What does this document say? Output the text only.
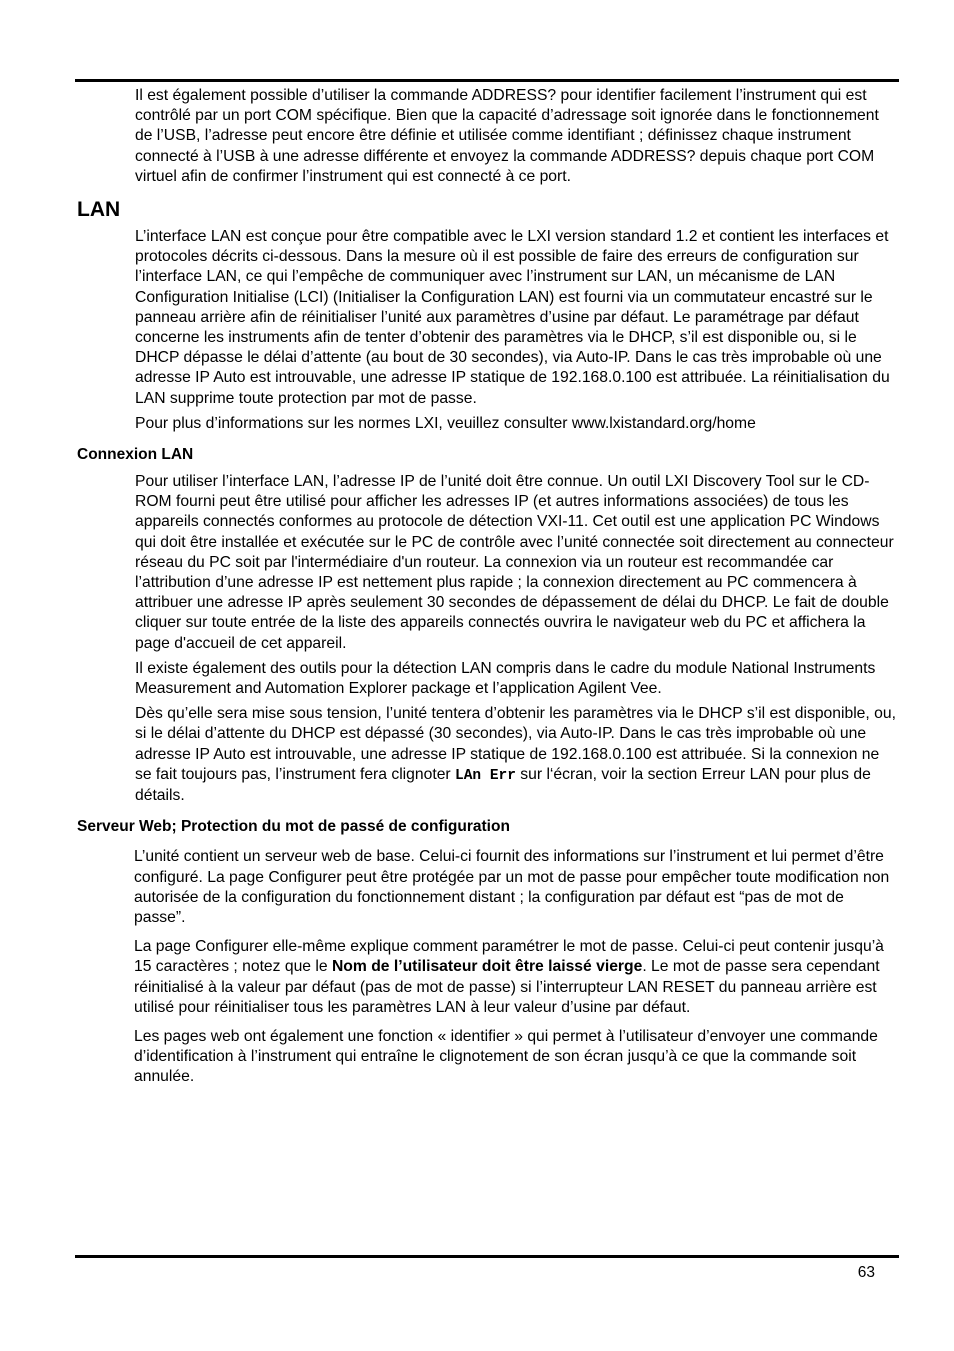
Il est également possible d’utiliser la commande ADDRESS? pour identifier facilement l’instrument qui est contrôlé par un port COM spécifique. Bien que la capacité d’adressage soit ignorée dans le fonctionnement de l’USB, l’adresse peut encore être définie et utilisée comme identifiant ; définissez chaque instrument connecté à l’USB à une adresse différente et envoyez la commande ADDRESS? depuis chaque port COM virtuel afin de confirmer l’instrument qui est connecté à ce port.

LAN

L’interface LAN est conçue pour être compatible avec le LXI version standard 1.2 et contient les interfaces et protocoles décrits ci-dessous. Dans la mesure où il est possible de faire des erreurs de configuration sur l’interface LAN, ce qui l’empêche de communiquer avec l’instrument sur LAN, un mécanisme de LAN Configuration Initialise (LCI) (Initialiser la Configuration LAN) est fourni via un commutateur encastré sur le panneau arrière afin de réinitialiser l’unité aux paramètres d’usine par défaut. Le paramétrage par défaut concerne les instruments afin de tenter d’obtenir des paramètres via le DHCP, s’il est disponible ou, si le DHCP dépasse le délai d’attente (au bout de 30 secondes), via Auto-IP. Dans le cas très improbable où une adresse IP Auto est introuvable, une adresse IP statique de 192.168.0.100 est attribuée. La réinitialisation du LAN supprime toute protection par mot de passe.

Pour plus d’informations sur les normes LXI, veuillez consulter www.lxistandard.org/home

Connexion LAN

Pour utiliser l’interface LAN, l’adresse IP de l’unité doit être connue. Un outil LXI Discovery Tool sur le CD-ROM fourni peut être utilisé pour afficher les adresses IP (et autres informations associées) de tous les appareils connectés conformes au protocole de détection VXI-11. Cet outil est une application PC Windows qui doit être installée et exécutée sur le PC de contrôle avec l’unité connectée soit directement au connecteur réseau du PC soit par l'intermédiaire d'un routeur. La connexion via un routeur est recommandée car l’attribution d’une adresse IP est nettement plus rapide ; la connexion directement au PC commencera à attribuer une adresse IP après seulement 30 secondes de dépassement de délai du DHCP. Le fait de double cliquer sur toute entrée de la liste des appareils connectés ouvrira le navigateur web du PC et affichera la page d'accueil de cet appareil.

Il existe également des outils pour la détection LAN compris dans le cadre du module National Instruments Measurement and Automation Explorer package et l’application Agilent Vee.

Dès qu’elle sera mise sous tension, l’unité tentera d’obtenir les paramètres via le DHCP s’il est disponible, ou, si le délai d’attente du DHCP est dépassé (30 secondes), via Auto-IP. Dans le cas très improbable où une adresse IP Auto est introuvable, une adresse IP statique de 192.168.0.100 est attribuée. Si la connexion ne se fait toujours pas, l’instrument fera clignoter LAn Err sur l‘écran, voir la section Erreur LAN pour plus de détails.

Serveur Web; Protection du mot de passé de configuration

L’unité contient un serveur web de base. Celui-ci fournit des informations sur l’instrument et lui permet d’être configuré. La page Configurer peut être protégée par un mot de passe pour empêcher toute modification non autorisée de la configuration du fonctionnement distant ; la configuration par défaut est “pas de mot de passe”.

La page Configurer elle-même explique comment paramétrer le mot de passe. Celui-ci peut contenir jusqu’à 15 caractères ; notez que le Nom de l’utilisateur doit être laissé vierge. Le mot de passe sera cependant réinitialisé à la valeur par défaut (pas de mot de passe) si l’interrupteur LAN RESET du panneau arrière est utilisé pour réinitialiser tous les paramètres LAN à leur valeur d’usine par défaut.

Les pages web ont également une fonction « identifier » qui permet à l’utilisateur d’envoyer une commande d’identification à l’instrument qui entraîne le clignotement de son écran jusqu’à ce que la commande soit annulée.

63
